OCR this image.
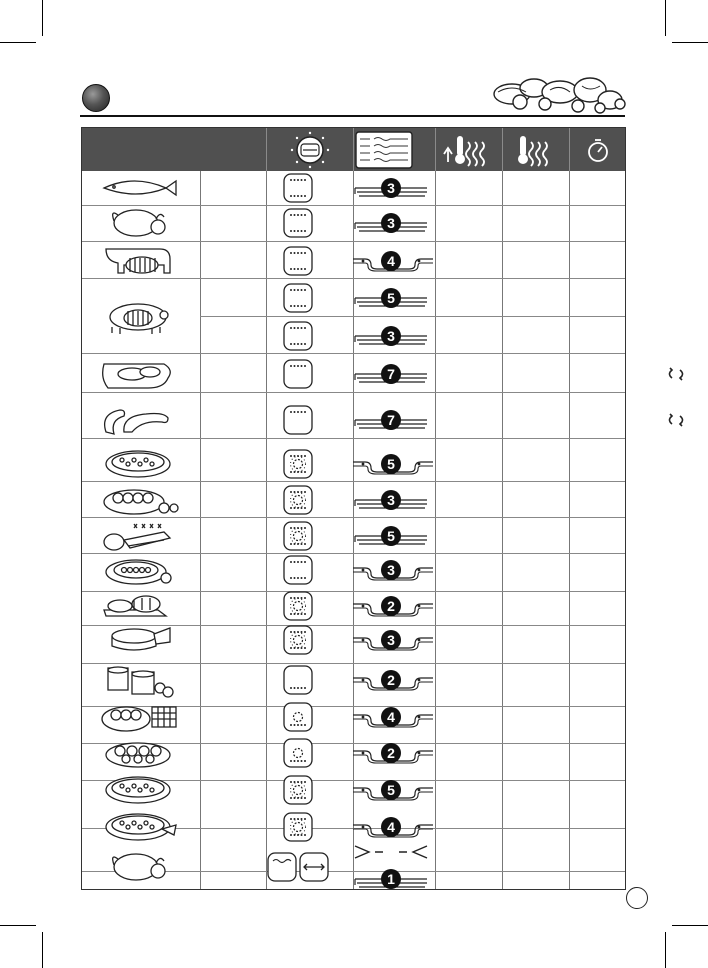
3
3
4
5
3
7
7
5
3
5
3
2
3
2
4
2
5
4
1
